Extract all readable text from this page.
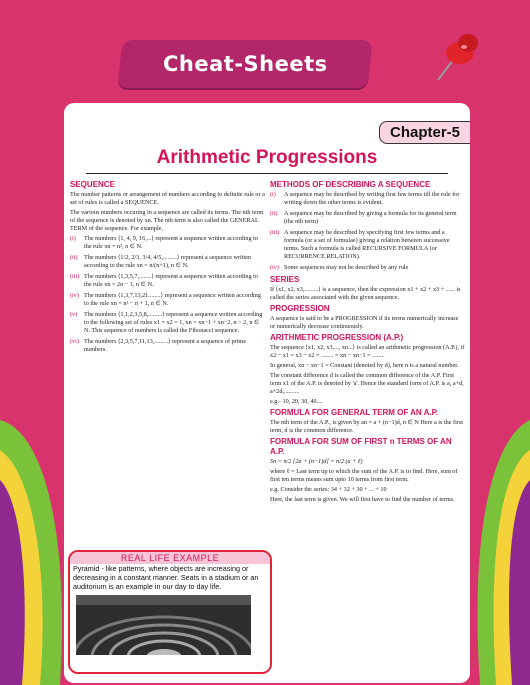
Cheat-Sheets
Chapter-5
Arithmetic Progressions
SEQUENCE
The number patterns or arrangement of numbers according to definite rule or a set of rules is called a SEQUENCE.
The various numbers occuring in a sequence are called its terms. The nth term of the sequence is denoted by xn. The nth term is also called the GENERAL TERM of the sequence. For example,
(i)	The numbers ⟨1, 4, 9, 16,...⟩ represent a sequence written according to the rule xn = n², n ∈ N.
(ii)	The numbers ⟨1/2, 2/3, 3/4, 4/5,.........⟩ represent a sequence written according to the rule xn = n/(n+1), n ∈ N.
(iii) The numbers ⟨1,3,5,7,........⟩ represent a sequence written according to the rule xn = 2n − 1, n ∈ N.
(iv) The numbers ⟨1,3,7,13,21........⟩ represent a sequence written according to the rule xn = n² − n + 1, n ∈ N.
(v)	The numbers ⟨1,1,2,3,5,8,.........⟩ represent a sequence written according to the following set of rules x1 = x2 = 1, xn = xn−1 + xn−2, n > 2, n ∈ N. This sequence of numbers is called the Fibonacci sequence.
(vi) The numbers ⟨2,3,5,7,11,13,.........⟩ represent a sequence of prime numbers.
REAL LIFE EXAMPLE
Pyramid - like patterns, where objects are increasing or decreasing in a constant manner. Seats in a stadium or an auditorium is an example in our day to day life.
METHODS OF DESCRIBING A SEQUENCE
(i)	A sequence may be described by writing first few terms till the rule for writing down the other terms is evident.
(ii)	A sequence may be described by giving a formula for its general term (the nth term)
(iii) A sequence may be described by specifying first few terms and a formula (or a set of formulae) giving a relation between successive terms. Such a formula is called RECURSIVE FORMULA (or RECURRENCE RELATION).
(iv) Some sequences may not be described by any rule
SERIES
If ⟨x1, x2, x3,.........⟩ is a sequence, then the expression x1 + x2 + x3 + ...... is called the series associated with the given sequence.
PROGRESSION
A sequence is said to be a PROGRESSION if its terms numerically increase or numerically decrease continuously.
ARITHMETIC PROGRESSION (A.P.)
The sequence ⟨x1, x2, x3,..., xn...⟩ is called an arithmetic progression (A.P.), if x2 − x1 = x3 − x2 = ........ = xn − xn−1 = ........
In general, xn − xn−1 = Constant (denoted by d), here n is a natural number.
The constant difference d is called the common difference of the A.P. First term x1 of the A.P. is denoted by 'a'. Hence the standard form of A.P. is a, a+d, a+2d,..........
e.g.- 10, 20, 30, 40....
FORMULA FOR GENERAL TERM OF AN A.P.
The nth term of the A.P., is given by an = a + (n−1)d, n ∈ N Here a is the first term, d is the common difference.
FORMULA FOR SUM OF FIRST n TERMS OF AN A.P.
Sn = n/2 [2a + (n−1)d] = n/2 (a + ℓ)
where ℓ = Last term up to which the sum of the A.P. is to find. Here, sum of first ten terms means sum upto 10 terms from first term.
e.g. Consider the series: 34 + 32 + 30 + ... + 10
Here, the last term is given. We will first have to find the number of terms.
